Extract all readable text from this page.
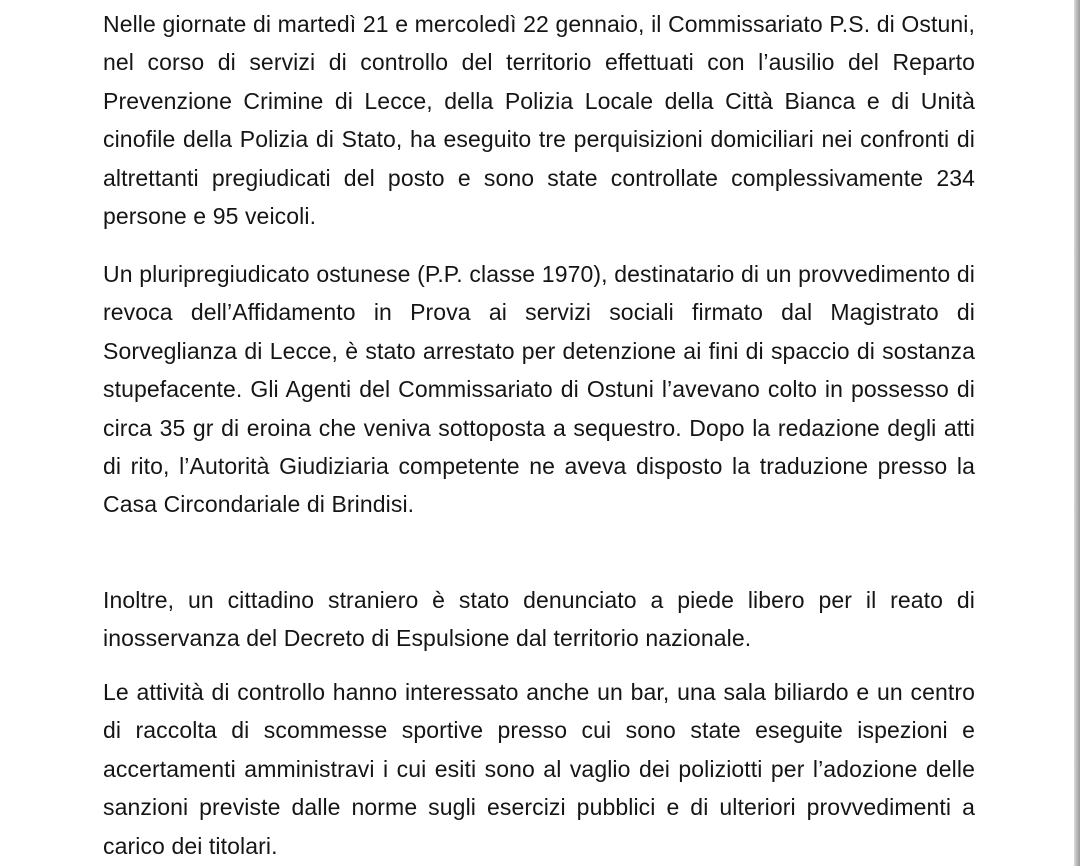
Nelle giornate di martedì 21 e mercoledì 22 gennaio, il Commissariato P.S. di Ostuni, nel corso di servizi di controllo del territorio effettuati con l’ausilio del Reparto Prevenzione Crimine di Lecce, della Polizia Locale della Città Bianca e di Unità cinofile della Polizia di Stato, ha eseguito tre perquisizioni domiciliari nei confronti di altrettanti pregiudicati del posto e sono state controllate complessivamente 234 persone e 95 veicoli.

Un pluripregiudicato ostunese (P.P. classe 1970), destinatario di un provvedimento di revoca dell’Affidamento in Prova ai servizi sociali firmato dal Magistrato di Sorveglianza di Lecce, è stato arrestato per detenzione ai fini di spaccio di sostanza stupefacente. Gli Agenti del Commissariato di Ostuni l’avevano colto in possesso di circa 35 gr di eroina che veniva sottoposta a sequestro. Dopo la redazione degli atti di rito, l’Autorità Giudiziaria competente ne aveva disposto la traduzione presso la Casa Circondariale di Brindisi.

Inoltre, un cittadino straniero è stato denunciato a piede libero per il reato di inosservanza del Decreto di Espulsione dal territorio nazionale.

Le attività di controllo hanno interessato anche un bar, una sala biliardo e un centro di raccolta di scommesse sportive presso cui sono state eseguite ispezioni e accertamenti amministravi i cui esiti sono al vaglio dei poliziotti per l’adozione delle sanzioni previste dalle norme sugli esercizi pubblici e di ulteriori provvedimenti a carico dei titolari.
